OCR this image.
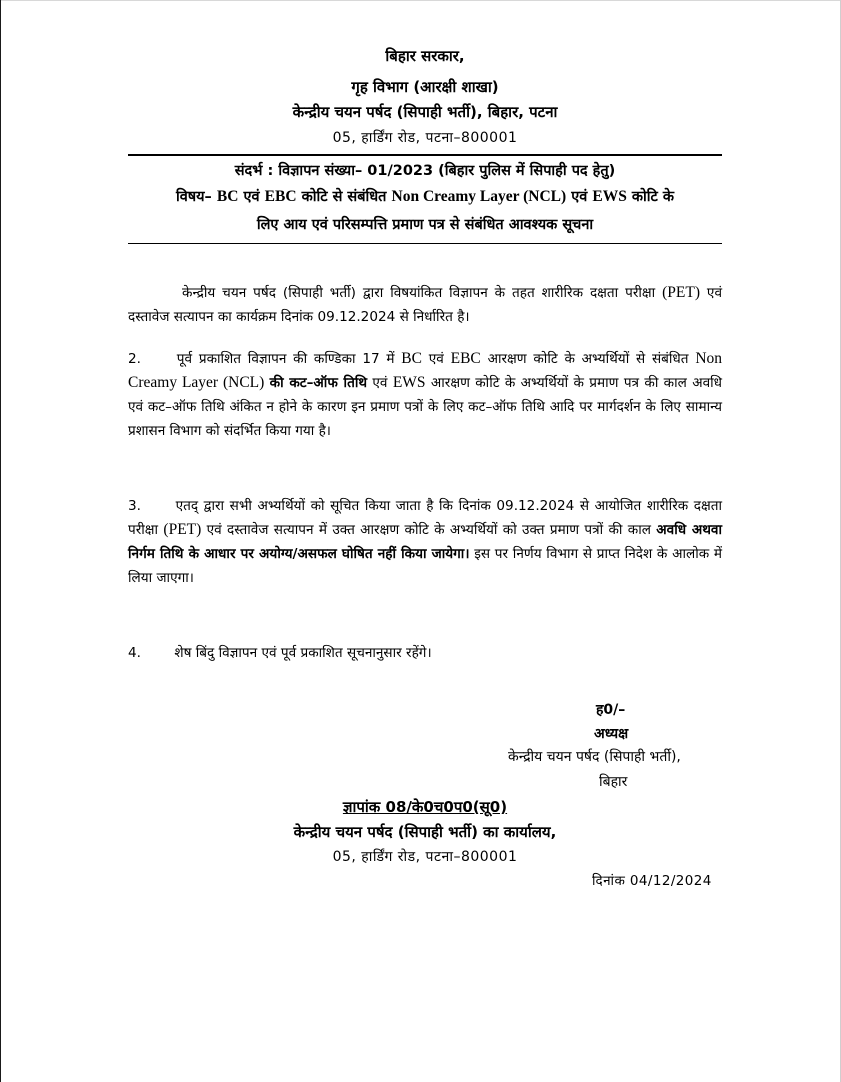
बिहार सरकार,
गृह विभाग (आरक्षी शाखा)
केन्द्रीय चयन पर्षद (सिपाही भर्ती), बिहार, पटना
05, हार्डिंग रोड, पटना–800001
संदर्भ : विज्ञापन संख्या– 01/2023 (बिहार पुलिस में सिपाही पद हेतु)
विषय– BC एवं EBC कोटि से संबंधित Non Creamy Layer (NCL) एवं EWS कोटि के
लिए आय एवं परिसम्पत्ति प्रमाण पत्र से संबंधित आवश्यक सूचना
केन्द्रीय चयन पर्षद (सिपाही भर्ती) द्वारा विषयांकित विज्ञापन के तहत शारीरिक दक्षता परीक्षा (PET) एवं दस्तावेज सत्यापन का कार्यक्रम दिनांक 09.12.2024 से निर्धारित है।
2.	पूर्व प्रकाशित विज्ञापन की कण्डिका 17 में BC एवं EBC आरक्षण कोटि के अभ्यर्थियों से संबंधित Non Creamy Layer (NCL) की कट–ऑफ तिथि एवं EWS आरक्षण कोटि के अभ्यर्थियों के प्रमाण पत्र की काल अवधि एवं कट–ऑफ तिथि अंकित न होने के कारण इन प्रमाण पत्रों के लिए कट–ऑफ तिथि आदि पर मार्गदर्शन के लिए सामान्य प्रशासन विभाग को संदर्भित किया गया है।
3.	एतद् द्वारा सभी अभ्यर्थियों को सूचित किया जाता है कि दिनांक 09.12.2024 से आयोजित शारीरिक दक्षता परीक्षा (PET) एवं दस्तावेज सत्यापन में उक्त आरक्षण कोटि के अभ्यर्थियों को उक्त प्रमाण पत्रों की काल अवधि अथवा निर्गम तिथि के आधार पर अयोग्य/असफल घोषित नहीं किया जायेगा। इस पर निर्णय विभाग से प्राप्त निदेश के आलोक में लिया जाएगा।
4. शेष बिंदु विज्ञापन एवं पूर्व प्रकाशित सूचनानुसार रहेंगे।
ह0/–
अध्यक्ष
केन्द्रीय चयन पर्षद (सिपाही भर्ती),
बिहार
ज्ञापांक 08/के0च0प0(सू0)
केन्द्रीय चयन पर्षद (सिपाही भर्ती) का कार्यालय,
05, हार्डिंग रोड, पटना–800001
दिनांक 04/12/2024
